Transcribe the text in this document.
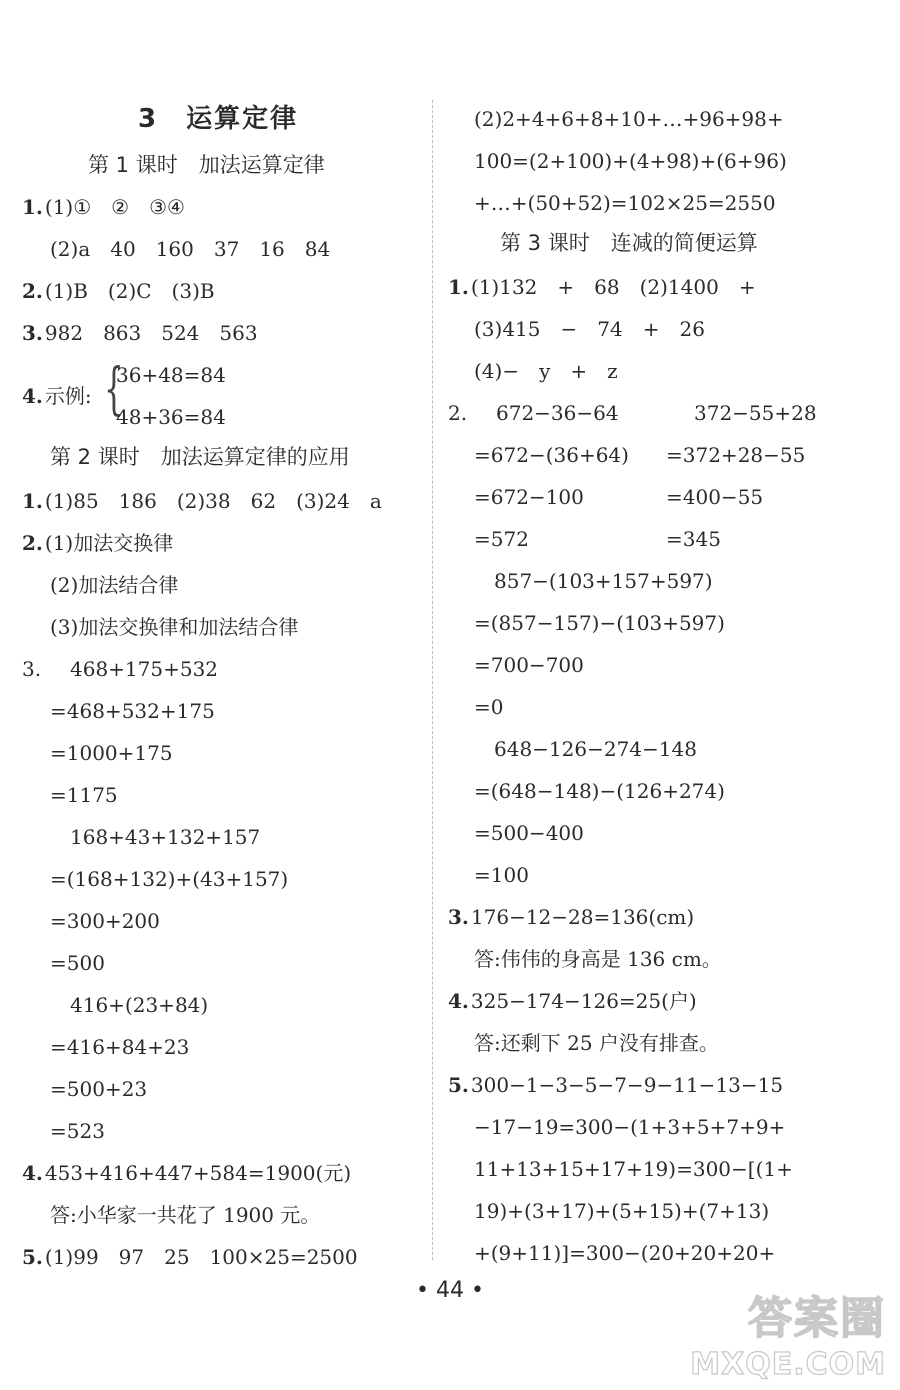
3　运算定律
第 1 课时　加法运算定律
1. (1)①　②　③④
(2)a　40　160　37　16　84
2. (1)B　(2)C　(3)B
3. 982　863　524　563
4. 示例: {
36+48=84
48+36=84
第 2 课时　加法运算定律的应用
1. (1)85　186　(2)38　62　(3)24　a
2. (1)加法交换律
(2)加法结合律
(3)加法交换律和加法结合律
3. 　468+175+532
=468+532+175
=1000+175
=1175
　168+43+132+157
=(168+132)+(43+157)
=300+200
=500
　416+(23+84)
=416+84+23
=500+23
=523
4. 453+416+447+584=1900(元)
答:小华家一共花了 1900 元。
5. (1)99　97　25　100×25=2500
(2)2+4+6+8+10+…+96+98+
100=(2+100)+(4+98)+(6+96)
+…+(50+52)=102×25=2550
第 3 课时　连减的简便运算
1. (1)132　+　68　(2)1400　+
(3)415　−　74　+　26
(4)−　y　+　z
2. 672−36−64
=672−(36+64)
=672−100
=572
372−55+28
=372+28−55
=400−55
=345
　857−(103+157+597)
=(857−157)−(103+597)
=700−700
=0
　648−126−274−148
=(648−148)−(126+274)
=500−400
=100
3. 176−12−28=136(cm)
答:伟伟的身高是 136 cm。
4. 325−174−126=25(户)
答:还剩下 25 户没有排查。
5. 300−1−3−5−7−9−11−13−15
−17−19=300−(1+3+5+7+9+
11+13+15+17+19)=300−[(1+
19)+(3+17)+(5+15)+(7+13)
+(9+11)]=300−(20+20+20+
• 44 •
答案圈
MXQE.COM
